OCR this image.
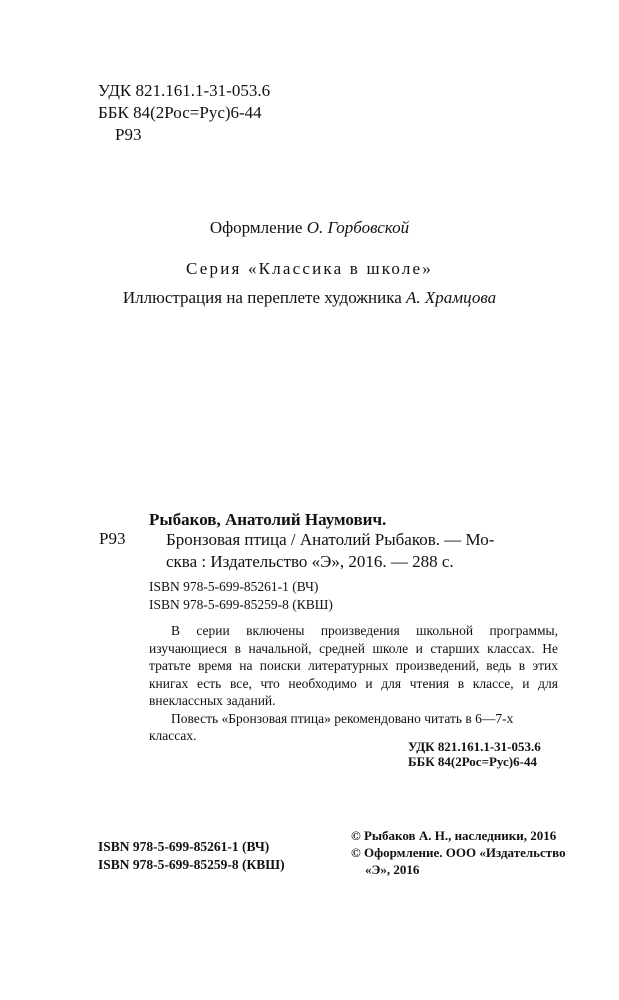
УДК 821.161.1-31-053.6
ББК 84(2Рос=Рус)6-44
Р93
Оформление О. Горбовской
Серия «Классика в школе»
Иллюстрация на переплете художника А. Храмцова
Рыбаков, Анатолий Наумович.
Р93 Бронзовая птица / Анатолий Рыбаков. — Мо-
сква : Издательство «Э», 2016. — 288 с.
ISBN 978-5-699-85261-1 (ВЧ)
ISBN 978-5-699-85259-8 (КВШ)

В серии включены произведения школьной программы, изучающиеся в начальной, средней школе и старших классах. Не тратьте время на поиски литературных произведений, ведь в этих книгах есть все, что необходимо и для чтения в классе, и для внеклассных заданий.

Повесть «Бронзовая птица» рекомендовано читать в 6—7-х классах.

УДК 821.161.1-31-053.6
ББК 84(2Рос=Рус)6-44
ISBN 978-5-699-85261-1 (ВЧ)
ISBN 978-5-699-85259-8 (КВШ)
© Рыбаков А. Н., наследники, 2016
© Оформление. ООО «Издательство
«Э», 2016
